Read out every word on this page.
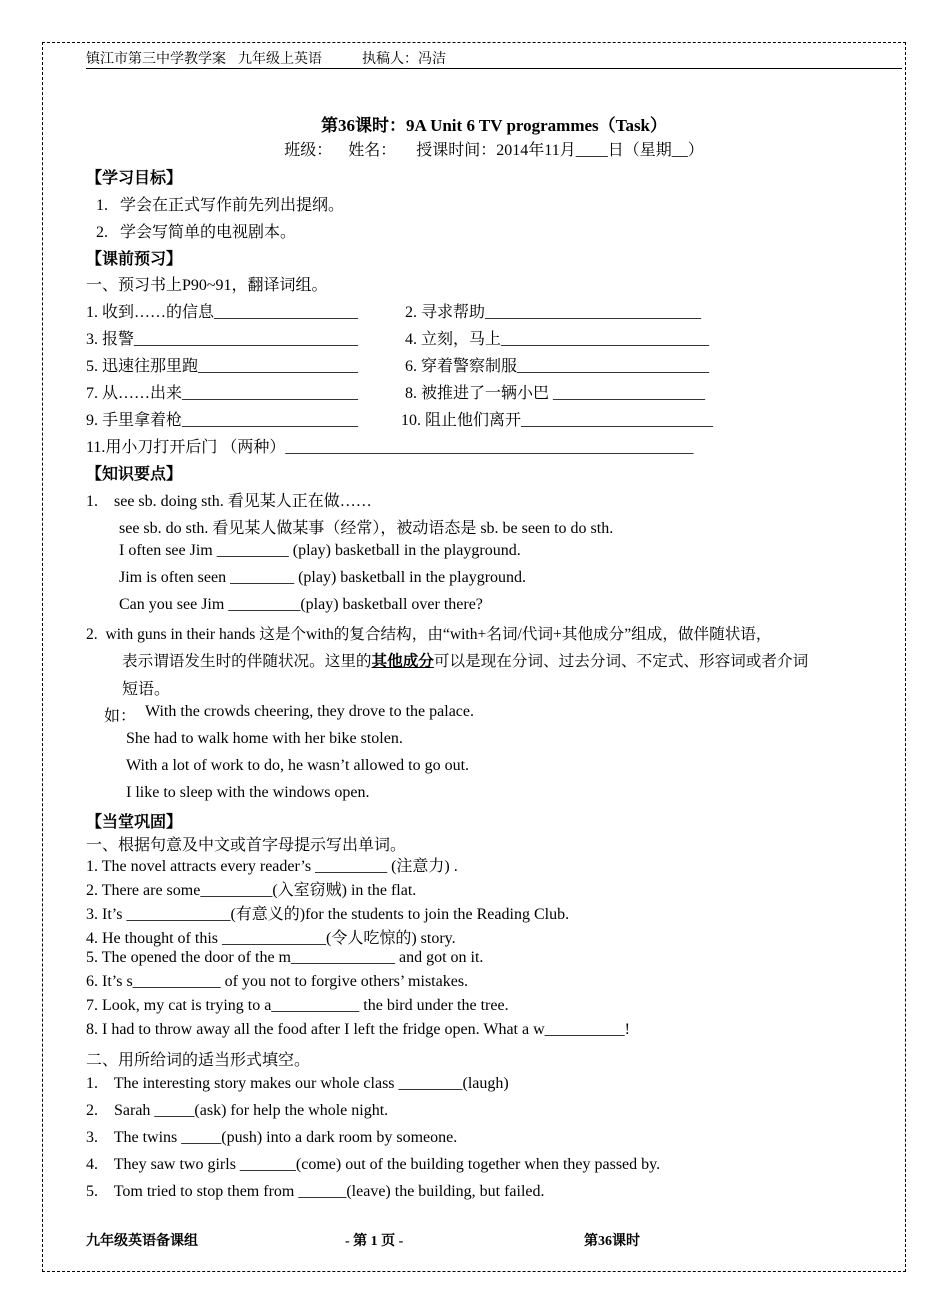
镇江市第三中学教学案 九年级上英语	执稿人：冯洁
第36课时：9A Unit 6 TV programmes（Task）
班级：    姓名：     授课时间：2014年11月____日（星期__）
【学习目标】
1.   学会在正式写作前先列出提纲。
2.   学会写简单的电视剧本。
【课前预习】
一、预习书上P90~91，翻译词组。
1. 收到……的信息__________________	2. 寻求帮助___________________________
3. 报警____________________________	4. 立刻，马上__________________________
5. 迅速往那里跑____________________	6. 穿着警察制服________________________
7. 从……出来______________________	8. 被推进了一辆小巴 ___________________
9. 手里拿着枪______________________	10. 阻止他们离开________________________
11.用小刀打开后门 （两种）___________________________________________________
【知识要点】
1.    see sb. doing sth. 看见某人正在做……
see sb. do sth. 看见某人做某事（经常），被动语态是 sb. be seen to do sth.
I often see Jim _________ (play) basketball in the playground.
Jim is often seen ________ (play) basketball in the playground.
Can you see Jim _________(play) basketball over there?
2.  with guns in their hands 这是个with的复合结构，由“with+名词/代词+其他成分”组成，做伴随状语，
表示谓语发生时的伴随状况。这里的其他成分可以是现在分词、过去分词、不定式、形容词或者介词
短语。
如： With the crowds cheering, they drove to the palace.
She had to walk home with her bike stolen.
With a lot of work to do, he wasn’t allowed to go out.
I like to sleep with the windows open.
【当堂巩固】
一、根据句意及中文或首字母提示写出单词。
1. The novel attracts every reader’s _________ (注意力) .
2. There are some_________(入室窃贼) in the flat.
3. It’s _____________(有意义的)for the students to join the Reading Club.
4. He thought of this _____________(令人吃惊的) story.
5. The opened the door of the m_____________ and got on it.
6. It’s s___________ of you not to forgive others’ mistakes.
7. Look, my cat is trying to a___________ the bird under the tree.
8. I had to throw away all the food after I left the fridge open. What a w__________!
二、用所给词的适当形式填空。
1.    The interesting story makes our whole class ________(laugh)
2.    Sarah _____(ask) for help the whole night.
3.    The twins _____(push) into a dark room by someone.
4.    They saw two girls _______(come) out of the building together when they passed by.
5.    Tom tried to stop them from ______(leave) the building, but failed.
九年级英语备课组	- 第 1 页 -	第36课时
